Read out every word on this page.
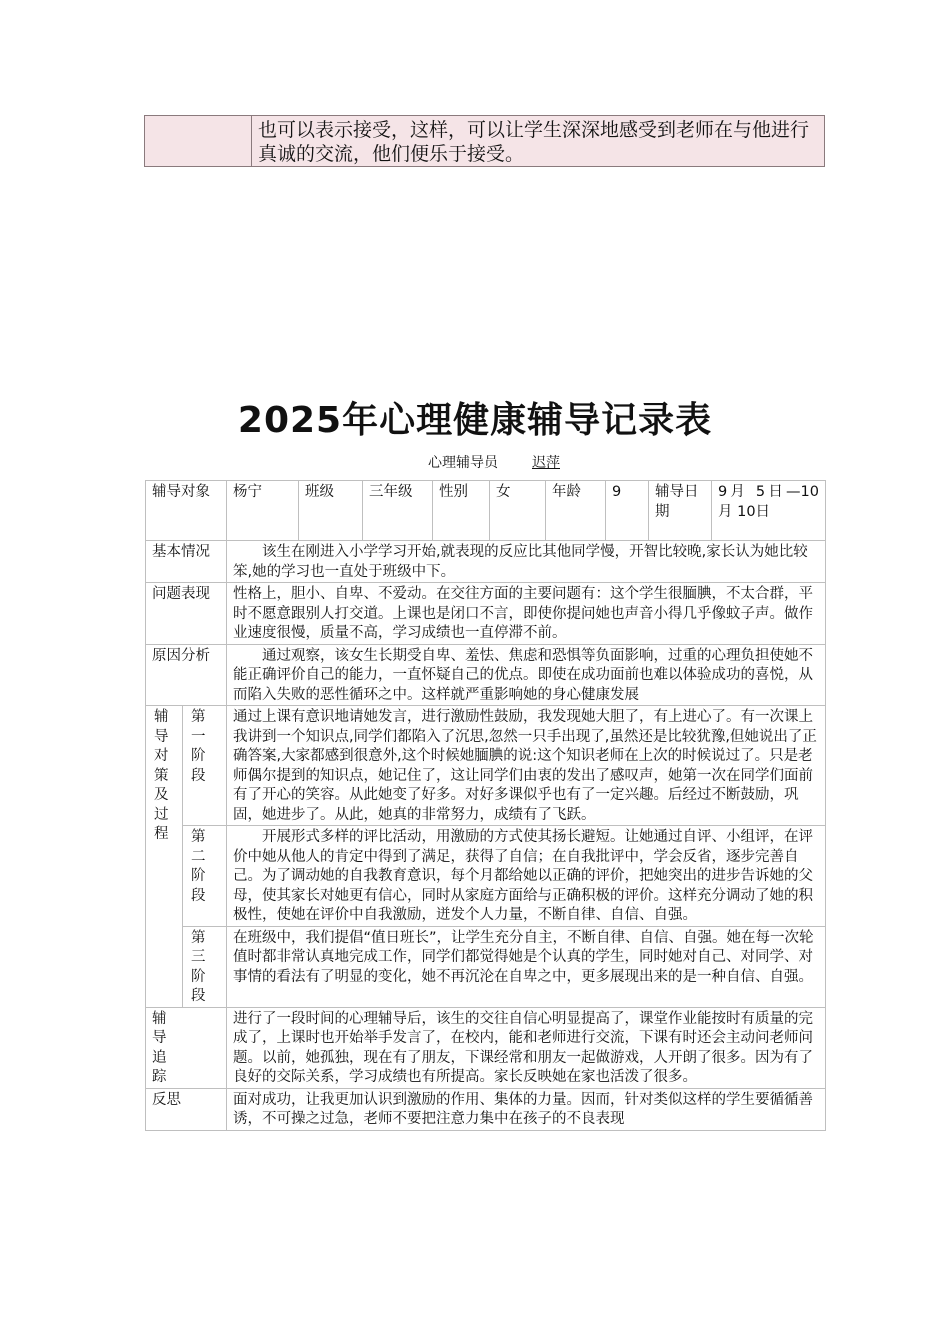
	也可以表示接受，这样，可以让学生深深地感受到老师在与他进行真诚的交流，他们便乐于接受。
2025年心理健康辅导记录表
心理辅导员 迟萍
辅导对象		杨宁	班级	三年级	性别	女	年龄	9	辅导日期	9月 5日—10 月 10日
基本情况		该生在刚进入小学学习开始,就表现的反应比其他同学慢，开智比较晚,家长认为她比较笨,她的学习也一直处于班级中下。								
问题表现		性格上，胆小、自卑、不爱动。在交往方面的主要问题有：这个学生很腼腆，不太合群，平时不愿意跟别人打交道。上课也是闭口不言，即使你提问她也声音小得几乎像蚊子声。做作业速度很慢，质量不高，学习成绩也一直停滞不前。								
原因分析		通过观察，该女生长期受自卑、羞怯、焦虑和恐惧等负面影响，过重的心理负担使她不能正确评价自己的能力，一直怀疑自己的优点。即使在成功面前也难以体验成功的喜悦，从而陷入失败的恶性循环之中。这样就严重影响她的身心健康发展								
辅导对策及过程	第一阶段	通过上课有意识地请她发言，进行激励性鼓励，我发现她大胆了，有上进心了。有一次课上我讲到一个知识点,同学们都陷入了沉思,忽然一只手出现了,虽然还是比较犹豫,但她说出了正确答案,大家都感到很意外,这个时候她腼腆的说:这个知识老师在上次的时候说过了。只是老师偶尔提到的知识点，她记住了，这让同学们由衷的发出了感叹声，她第一次在同学们面前有了开心的笑容。从此她变了好多。对好多课似乎也有了一定兴趣。后经过不断鼓励，巩固，她进步了。从此，她真的非常努力，成绩有了飞跃。								
	第二阶段	开展形式多样的评比活动，用激励的方式使其扬长避短。让她通过自评、小组评，在评价中她从他人的肯定中得到了满足，获得了自信；在自我批评中，学会反省，逐步完善自己。为了调动她的自我教育意识，每个月都给她以正确的评价，把她突出的进步告诉她的父母，使其家长对她更有信心，同时从家庭方面给与正确积极的评价。这样充分调动了她的积极性，使她在评价中自我激励，迸发个人力量，不断自律、自信、自强。								
	第三阶段	在班级中，我们提倡“值日班长”，让学生充分自主，不断自律、自信、自强。她在每一次轮值时都非常认真地完成工作，同学们都觉得她是个认真的学生，同时她对自己、对同学、对事情的看法有了明显的变化，她不再沉沦在自卑之中，更多展现出来的是一种自信、自强。								
辅导追踪		进行了一段时间的心理辅导后，该生的交往自信心明显提高了，课堂作业能按时有质量的完成了，上课时也开始举手发言了，在校内，能和老师进行交流，下课有时还会主动问老师问题。以前，她孤独，现在有了朋友，下课经常和朋友一起做游戏，人开朗了很多。因为有了良好的交际关系，学习成绩也有所提高。家长反映她在家也活泼了很多。								
反思		面对成功，让我更加认识到激励的作用、集体的力量。因而，针对类似这样的学生要循循善诱，不可操之过急，老师不要把注意力集中在孩子的不良表现								
